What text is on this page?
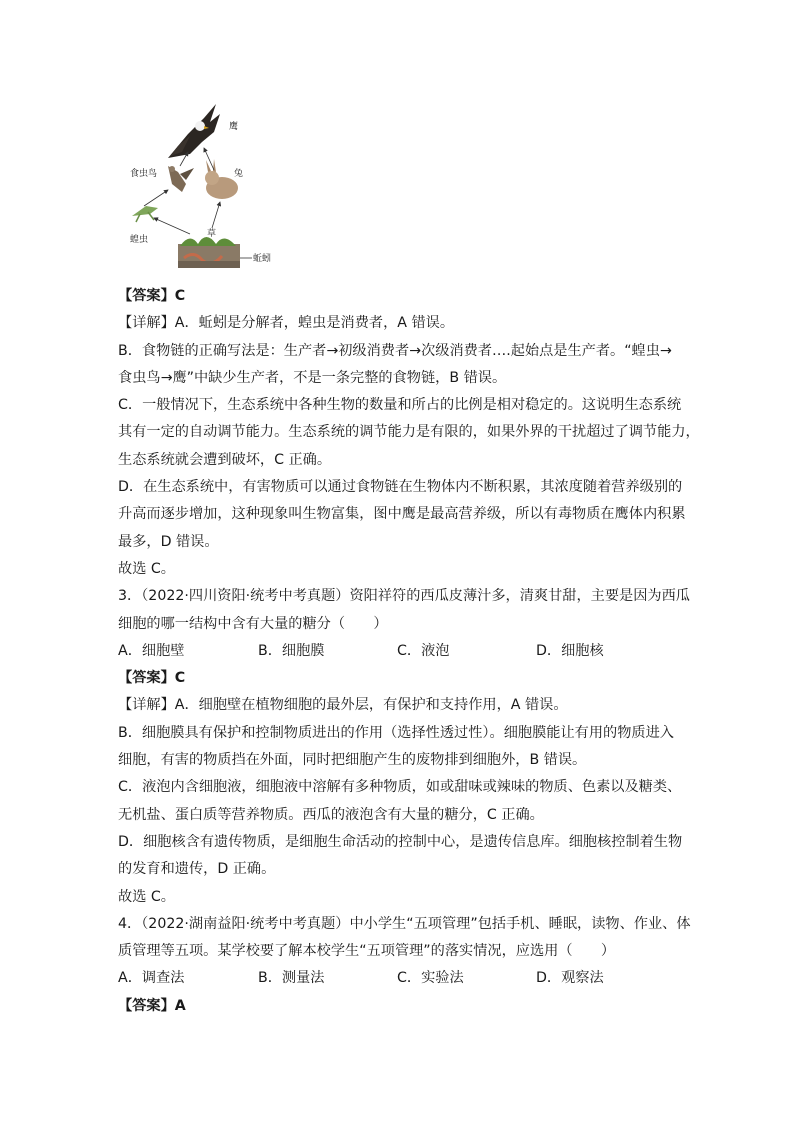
鹰
食虫鸟	兔
蝗虫
草
蚯蚓
【答案】C
【详解】A．蚯蚓是分解者，蝗虫是消费者，A 错误。
B．食物链的正确写法是：生产者→初级消费者→次级消费者….起始点是生产者。“蝗虫→
食虫鸟→鹰”中缺少生产者，不是一条完整的食物链，B 错误。
C．一般情况下，生态系统中各种生物的数量和所占的比例是相对稳定的。这说明生态系统
其有一定的自动调节能力。生态系统的调节能力是有限的，如果外界的干扰超过了调节能力，
生态系统就会遭到破坏，C 正确。
D．在生态系统中，有害物质可以通过食物链在生物体内不断积累，其浓度随着营养级别的
升高而逐步增加，这种现象叫生物富集，图中鹰是最高营养级，所以有毒物质在鹰体内积累
最多，D 错误。
故选 C。
3．（2022·四川资阳·统考中考真题）资阳祥符的西瓜皮薄汁多，清爽甘甜，主要是因为西瓜
细胞的哪一结构中含有大量的糖分（　　）
A．细胞壁	B．细胞膜	C．液泡	D．细胞核
【答案】C
【详解】A．细胞壁在植物细胞的最外层，有保护和支持作用，A 错误。
B．细胞膜具有保护和控制物质进出的作用（选择性透过性）。细胞膜能让有用的物质进入
细胞，有害的物质挡在外面，同时把细胞产生的废物排到细胞外，B 错误。
C．液泡内含细胞液，细胞液中溶解有多种物质，如或甜味或辣味的物质、色素以及糖类、
无机盐、蛋白质等营养物质。西瓜的液泡含有大量的糖分，C 正确。
D．细胞核含有遗传物质，是细胞生命活动的控制中心，是遗传信息库。细胞核控制着生物
的发育和遗传，D 正确。
故选 C。
4．（2022·湖南益阳·统考中考真题）中小学生“五项管理”包括手机、睡眠，读物、作业、体
质管理等五项。某学校要了解本校学生“五项管理”的落实情况，应选用（　　）
A．调查法	B．测量法	C．实验法	D．观察法
【答案】A
